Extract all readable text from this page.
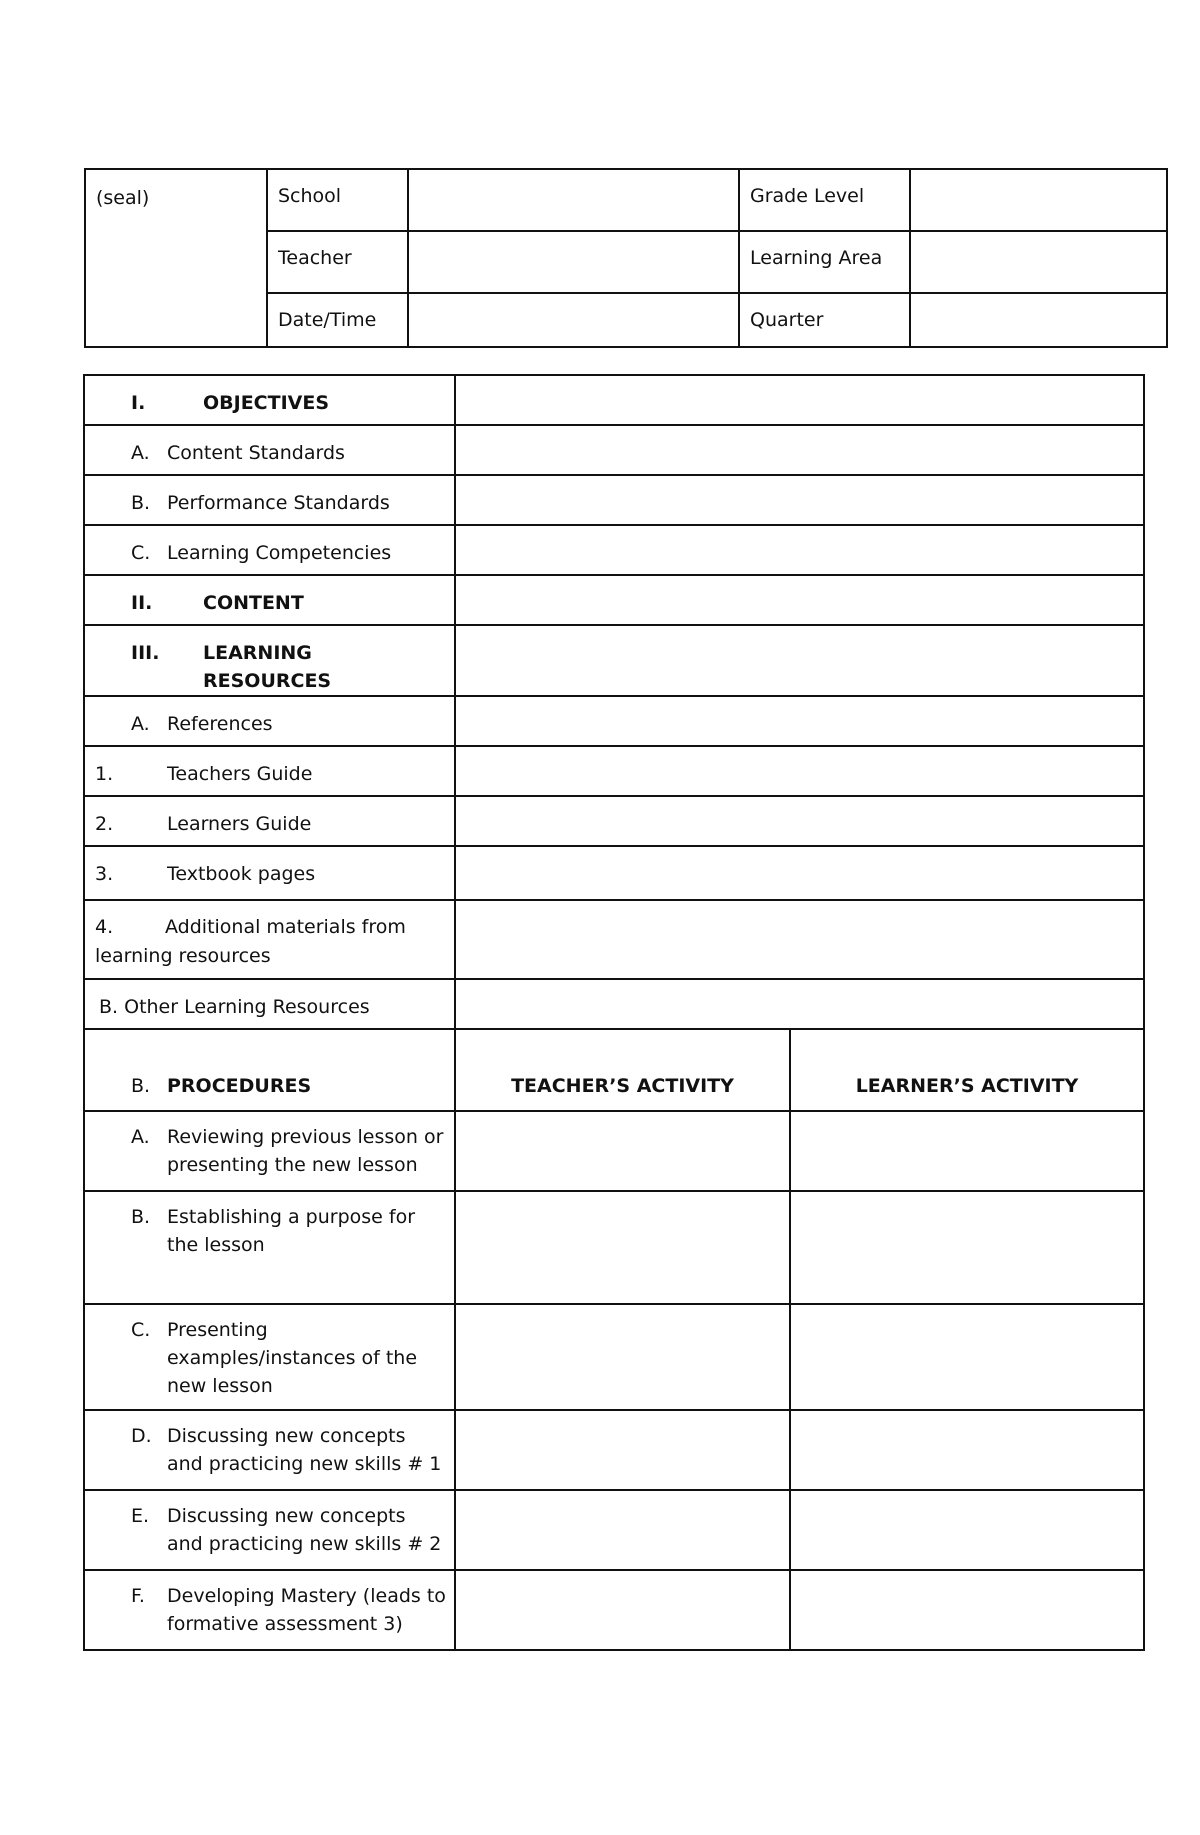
(seal)	School		Grade Level	

	Teacher		Learning Area	

	Date/Time		Quarter	

I. OBJECTIVES		

A. Content Standards		

B. Performance Standards		

C. Learning Competencies		

II. CONTENT		

III. LEARNING RESOURCES		

A. References		

1. Teachers Guide		

2. Learners Guide		

3. Textbook pages		

4. Additional materials from learning resources		

B. Other Learning Resources		

B. PROCEDURES	TEACHER’S ACTIVITY	LEARNER’S ACTIVITY

A. Reviewing previous lesson or presenting the new lesson		

B. Establishing a purpose for the lesson		

C. Presenting examples/instances of the new lesson		

D. Discussing new concepts and practicing new skills # 1		

E. Discussing new concepts and practicing new skills # 2		

F. Developing Mastery (leads to formative assessment 3)		
